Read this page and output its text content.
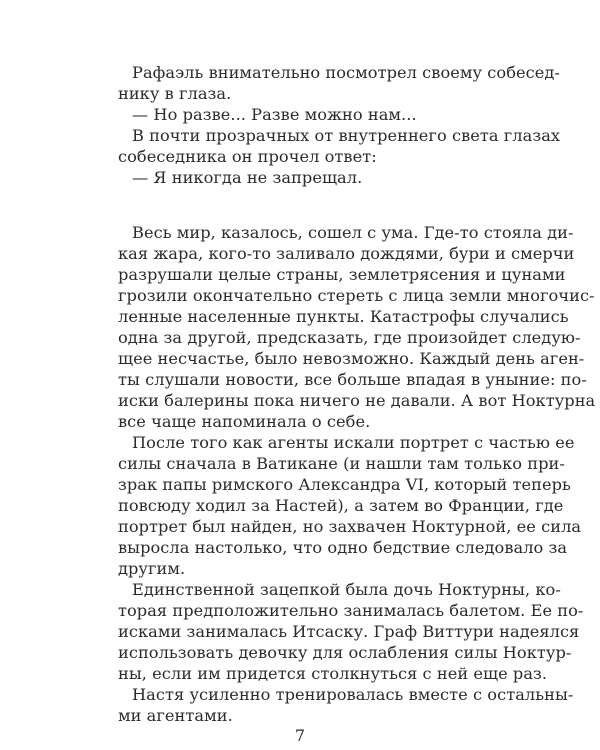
7
Рафаэль внимательно посмотрел своему собесед-
нику в глаза.
— Но разве... Разве можно нам...
В почти прозрачных от внутреннего света глазах
собеседника он прочел ответ:
— Я никогда не запрещал.
Весь мир, казалось, сошел с ума. Где-то стояла ди-
кая жара, кого-то заливало дождями, бури и смерчи
разрушали целые страны, землетрясения и цунами
грозили окончательно стереть с лица земли многочис-
ленные населенные пункты. Катастрофы случались
одна за другой, предсказать, где произойдет следую-
щее несчастье, было невозможно. Каждый день аген-
ты слушали новости, все больше впадая в уныние: по-
иски балерины пока ничего не давали. А вот Ноктурна
все чаще напоминала о себе.
После того как агенты искали портрет с частью ее
силы сначала в Ватикане (и нашли там только при-
зрак папы римского Александра VI, который теперь
повсюду ходил за Настей), а затем во Франции, где
портрет был найден, но захвачен Ноктурной, ее сила
выросла настолько, что одно бедствие следовало за
другим.
Единственной зацепкой была дочь Ноктурны, ко-
торая предположительно занималась балетом. Ее по-
исками занималась Итсаску. Граф Виттури надеялся
использовать девочку для ослабления силы Ноктур-
ны, если им придется столкнуться с ней еще раз.
Настя усиленно тренировалась вместе с остальны-
ми агентами.
